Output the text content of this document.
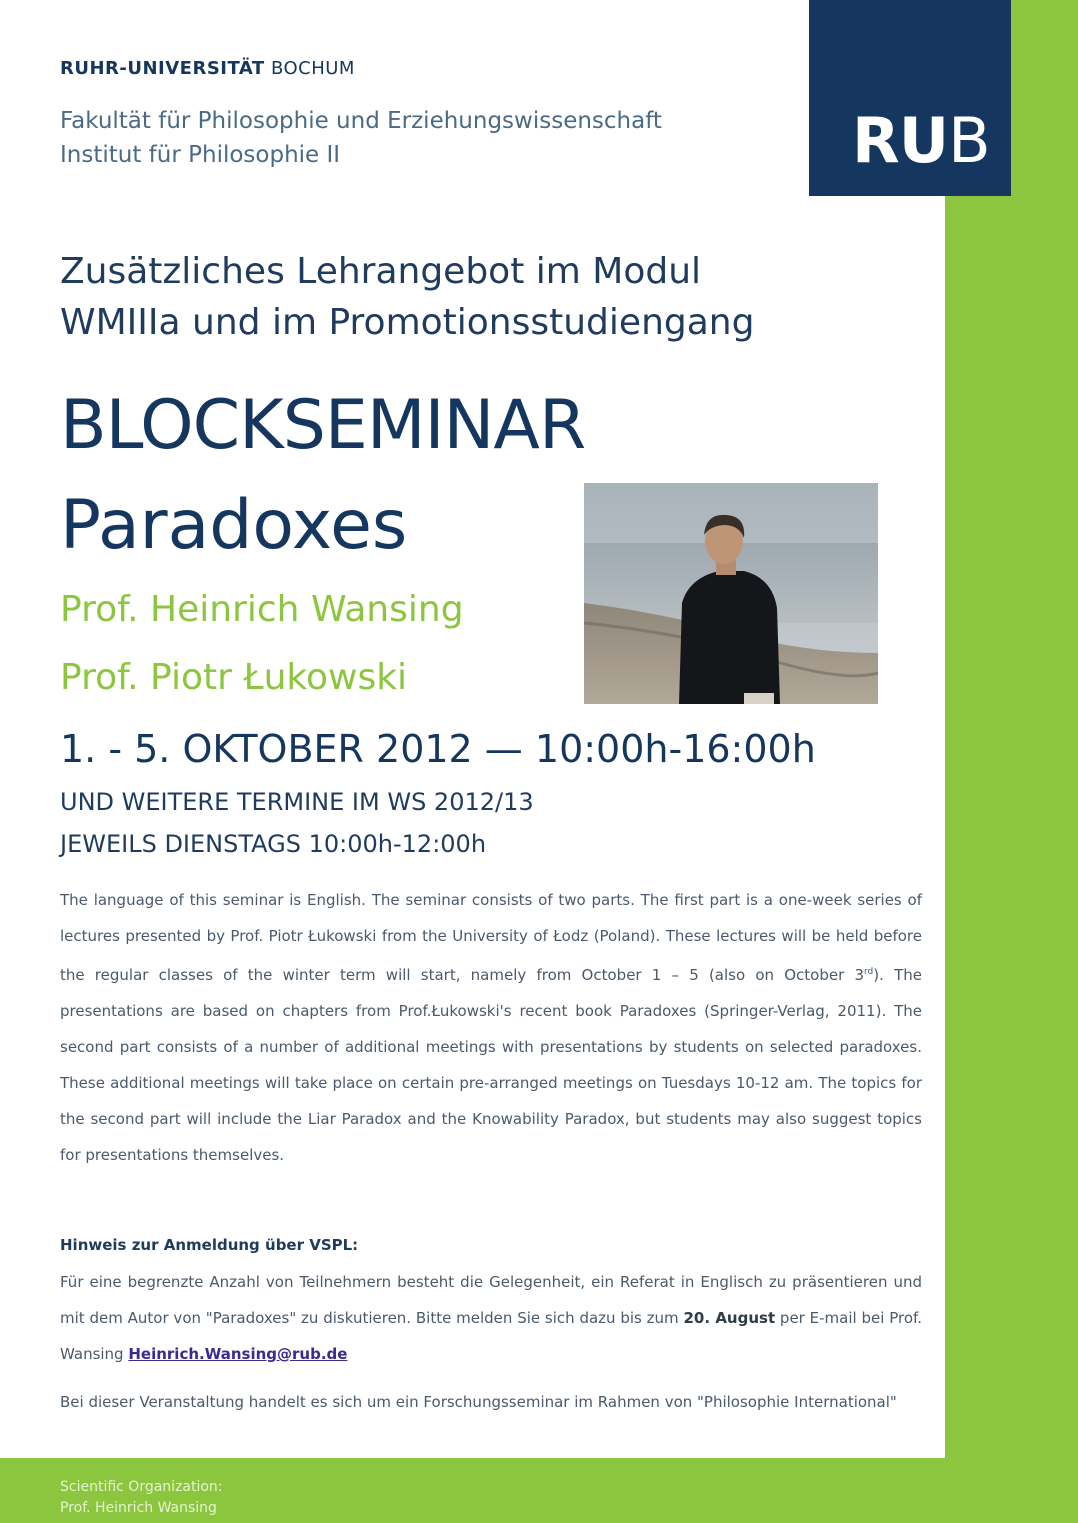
Scientific Organization:
Prof. Heinrich Wansing
RUB
RUHR-UNIVERSITÄT BOCHUM
Fakultät für Philosophie und Erziehungswissenschaft
Institut für Philosophie II
Zusätzliches Lehrangebot im Modul
WMIIIa und im Promotionsstudiengang
BLOCKSEMINAR
Paradoxes
Prof. Heinrich Wansing
Prof. Piotr Łukowski
1. - 5. OKTOBER 2012 — 10:00h-16:00h
UND WEITERE TERMINE IM WS 2012/13
JEWEILS DIENSTAGS 10:00h-12:00h

The language of this seminar is English. The seminar consists of two parts. The first part is a one-week series of lectures presented by Prof. Piotr Łukowski from the University of Łodz (Poland). These lectures will be held before the regular classes of the winter term will start, namely from October 1 – 5 (also on October 3rd). The presentations are based on chapters from Prof.Łukowski's recent book Paradoxes (Springer-Verlag, 2011). The second part consists of a number of additional meetings with presentations by students on selected paradoxes. These additional meetings will take place on certain pre-arranged meetings on Tuesdays 10-12 am. The topics for the second part will include the Liar Paradox and the Knowability Paradox, but students may also suggest topics for presentations themselves.

Hinweis zur Anmeldung über VSPL:

Für eine begrenzte Anzahl von Teilnehmern besteht die Gelegenheit, ein Referat in Englisch zu präsentieren und mit dem Autor von "Paradoxes" zu diskutieren. Bitte melden Sie sich dazu bis zum 20. August per E-mail bei Prof. Wansing Heinrich.Wansing@rub.de

Bei dieser Veranstaltung handelt es sich um ein Forschungsseminar im Rahmen von "Philosophie International"
